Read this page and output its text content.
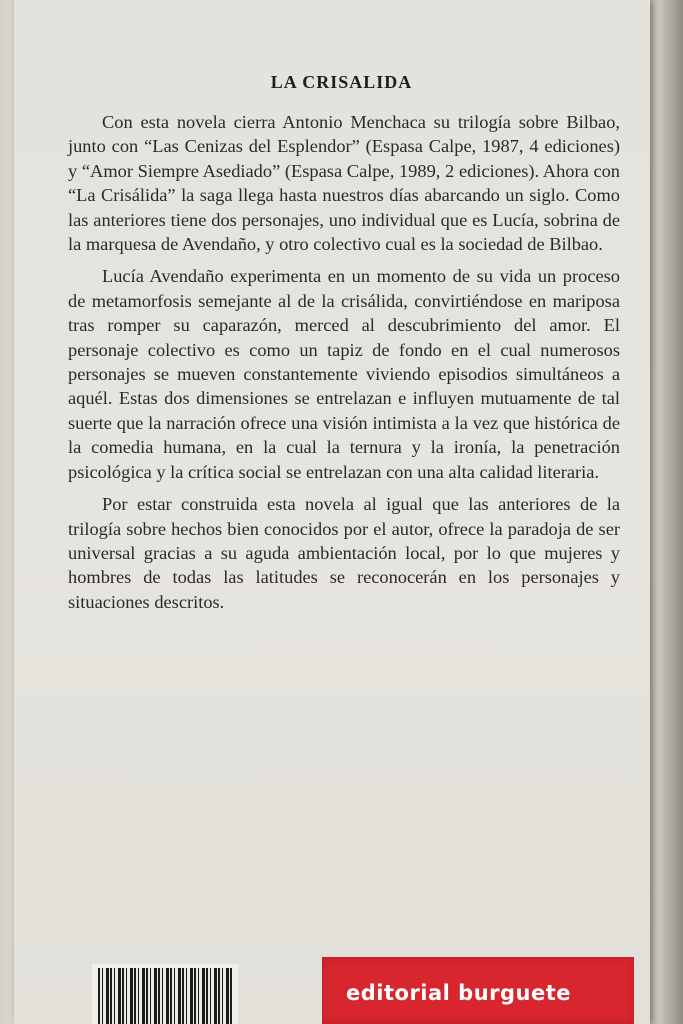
LA CRISALIDA

Con esta novela cierra Antonio Menchaca su trilogía sobre Bilbao, junto con “Las Cenizas del Esplendor” (Espasa Calpe, 1987, 4 ediciones) y “Amor Siempre Asediado” (Espasa Calpe, 1989, 2 ediciones). Ahora con “La Crisálida” la saga llega hasta nuestros días abarcando un siglo. Como las anteriores tiene dos personajes, uno individual que es Lucía, sobrina de la marquesa de Avendaño, y otro colectivo cual es la sociedad de Bilbao.

Lucía Avendaño experimenta en un momento de su vida un proceso de metamorfosis semejante al de la crisálida, convirtiéndose en mariposa tras romper su caparazón, merced al descubrimiento del amor. El personaje colectivo es como un tapiz de fondo en el cual numerosos personajes se mueven constantemente viviendo episodios simultáneos a aquél. Estas dos dimensiones se entrelazan e influyen mutuamente de tal suerte que la narración ofrece una visión intimista a la vez que histórica de la comedia humana, en la cual la ternura y la ironía, la penetración psicológica y la crítica social se entrelazan con una alta calidad literaria.

Por estar construida esta novela al igual que las anteriores de la trilogía sobre hechos bien conocidos por el autor, ofrece la paradoja de ser universal gracias a su aguda ambientación local, por lo que mujeres y hombres de todas las latitudes se reconocerán en los personajes y situaciones descritos.

editorial burguete
